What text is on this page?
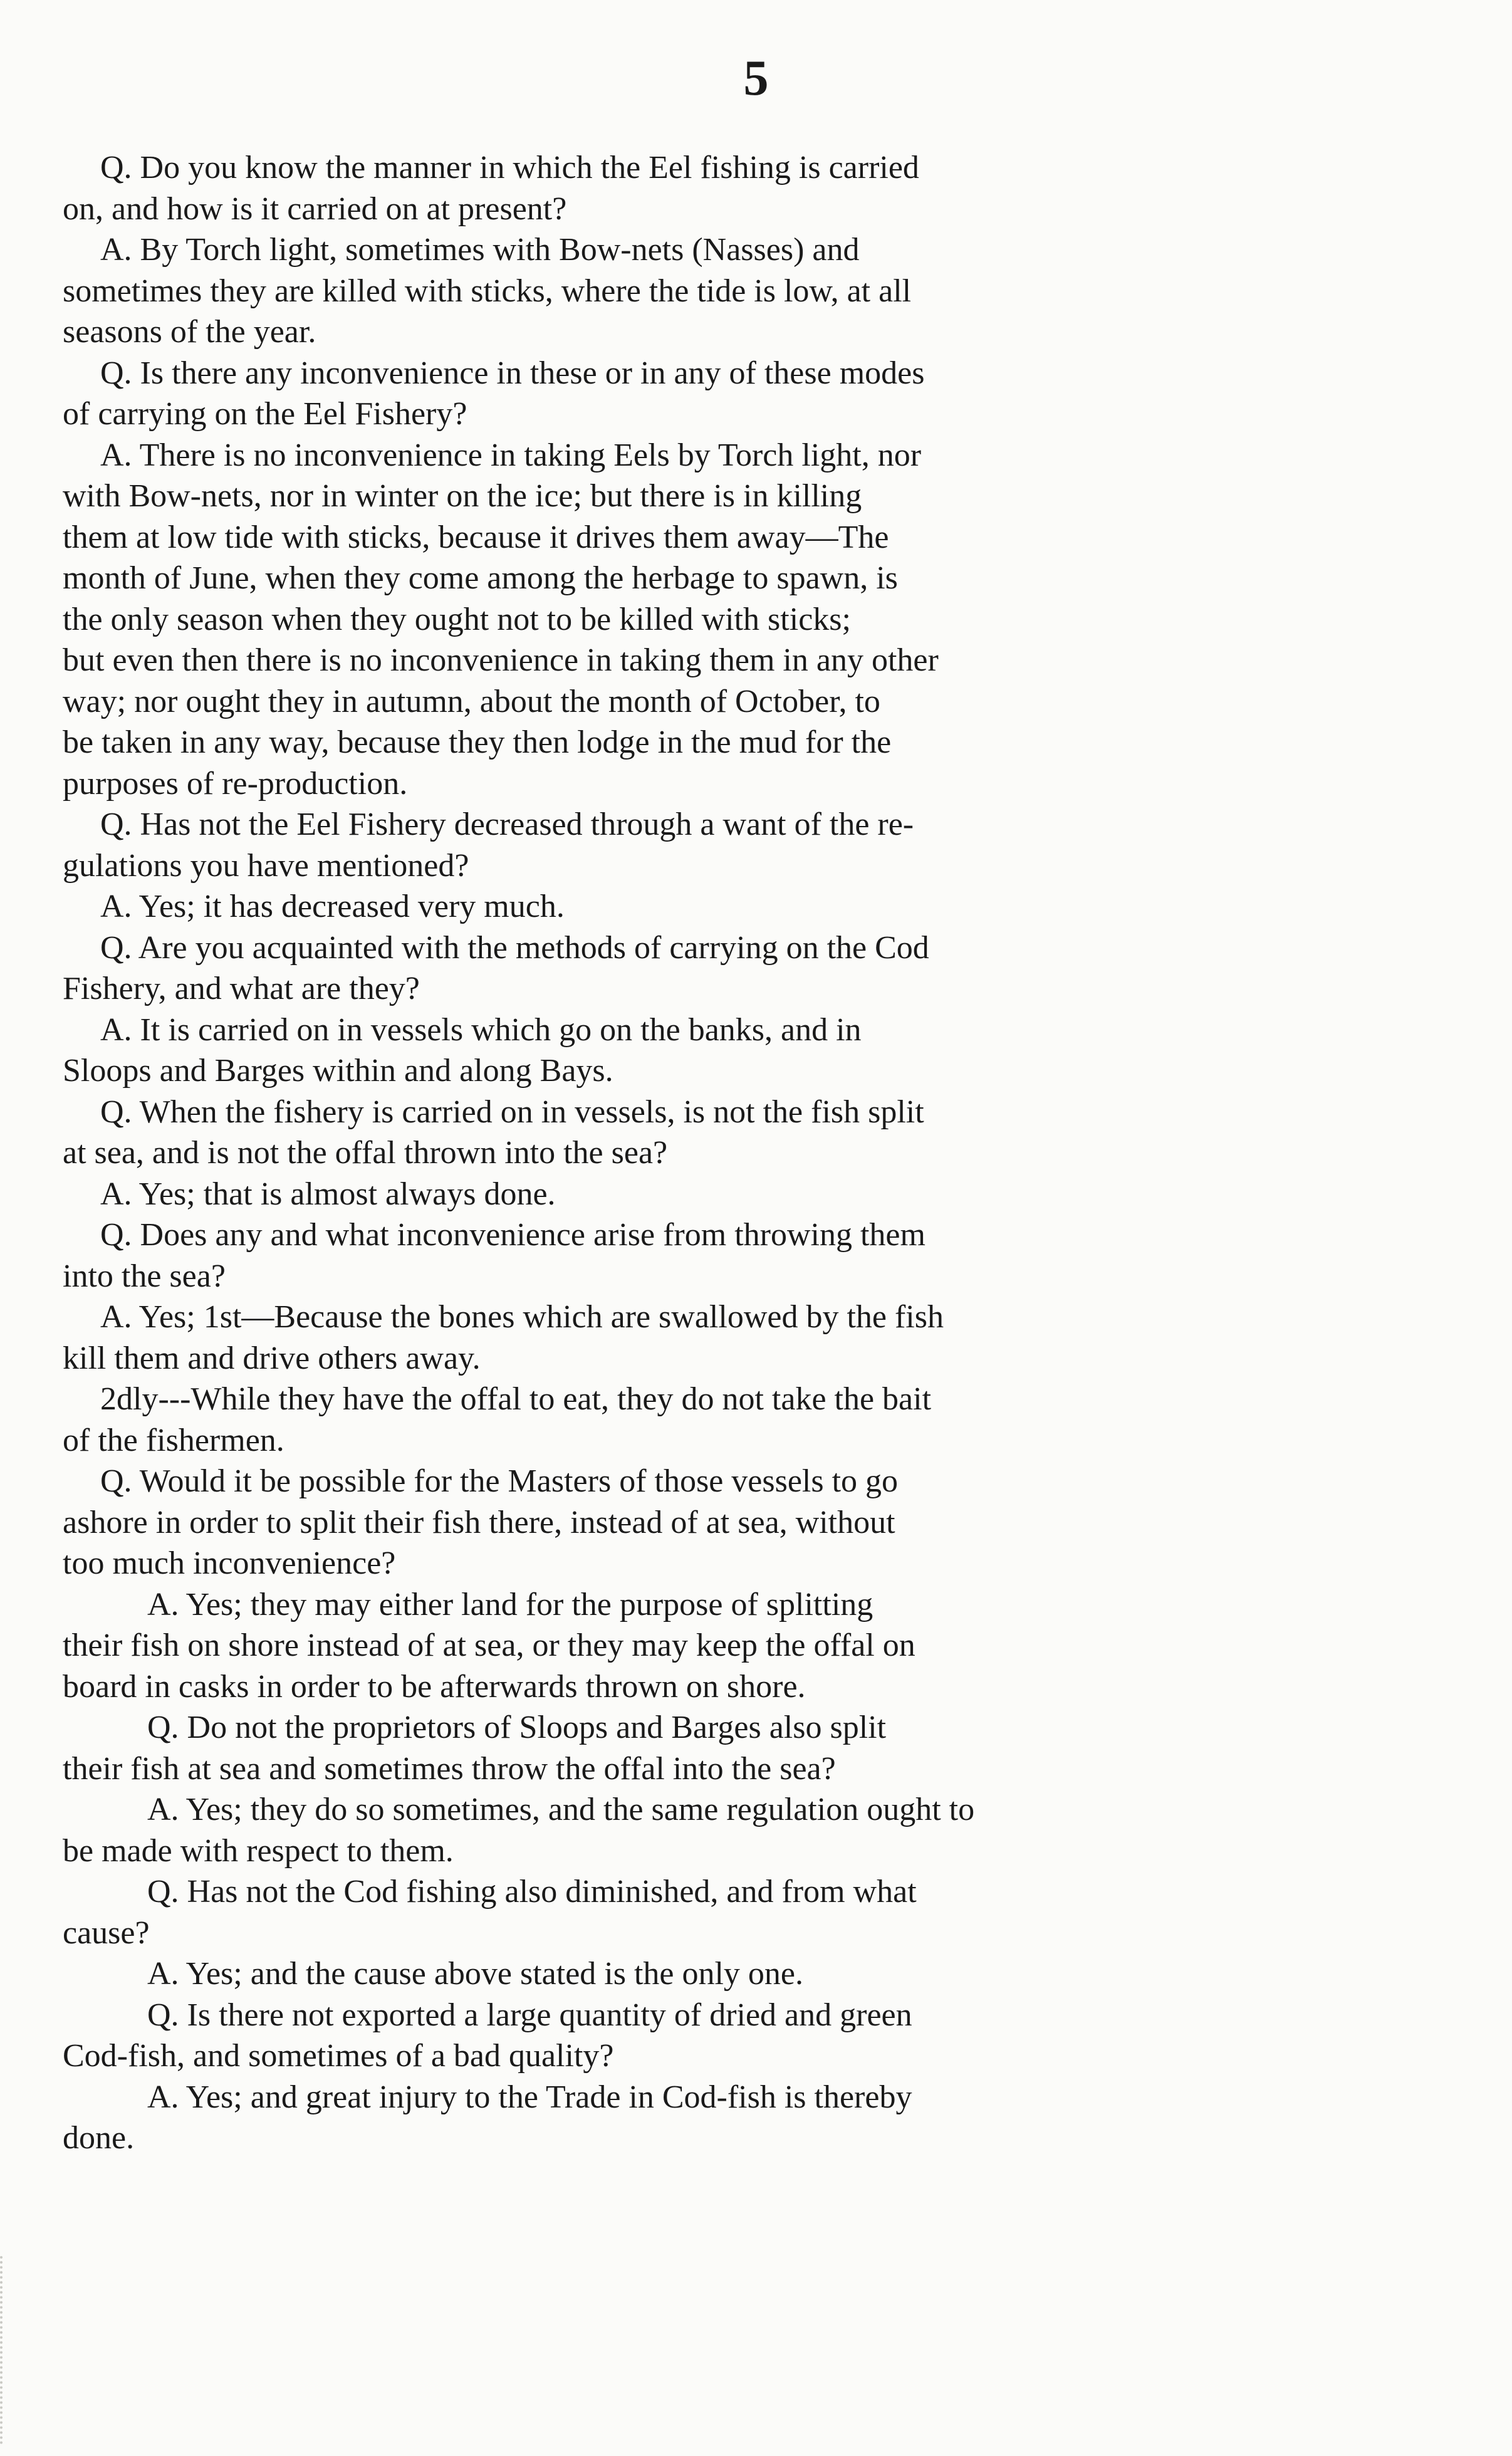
5
Q. Do you know the manner in which the Eel fishing is carried
on, and how is it carried on at present?
A. By Torch light, sometimes with Bow-nets (Nasses) and
sometimes they are killed with sticks, where the tide is low, at all
seasons of the year.
Q. Is there any inconvenience in these or in any of these modes
of carrying on the Eel Fishery?
A. There is no inconvenience in taking Eels by Torch light, nor
with Bow-nets, nor in winter on the ice; but there is in killing
them at low tide with sticks, because it drives them away—The
month of June, when they come among the herbage to spawn, is
the only season when they ought not to be killed with sticks;
but even then there is no inconvenience in taking them in any other
way; nor ought they in autumn, about the month of October, to
be taken in any way, because they then lodge in the mud for the
purposes of re-production.
Q. Has not the Eel Fishery decreased through a want of the re-
gulations you have mentioned?
A. Yes; it has decreased very much.
Q. Are you acquainted with the methods of carrying on the Cod
Fishery, and what are they?
A. It is carried on in vessels which go on the banks, and in
Sloops and Barges within and along Bays.
Q. When the fishery is carried on in vessels, is not the fish split
at sea, and is not the offal thrown into the sea?
A. Yes; that is almost always done.
Q. Does any and what inconvenience arise from throwing them
into the sea?
A. Yes; 1st—Because the bones which are swallowed by the fish
kill them and drive others away.
2dly---While they have the offal to eat, they do not take the bait
of the fishermen.
Q. Would it be possible for the Masters of those vessels to go
ashore in order to split their fish there, instead of at sea, without
too much inconvenience?
A. Yes; they may either land for the purpose of splitting
their fish on shore instead of at sea, or they may keep the offal on
board in casks in order to be afterwards thrown on shore.
Q. Do not the proprietors of Sloops and Barges also split
their fish at sea and sometimes throw the offal into the sea?
A. Yes; they do so sometimes, and the same regulation ought to
be made with respect to them.
Q. Has not the Cod fishing also diminished, and from what
cause?
A. Yes; and the cause above stated is the only one.
Q. Is there not exported a large quantity of dried and green
Cod-fish, and sometimes of a bad quality?
A. Yes; and great injury to the Trade in Cod-fish is thereby
done.
